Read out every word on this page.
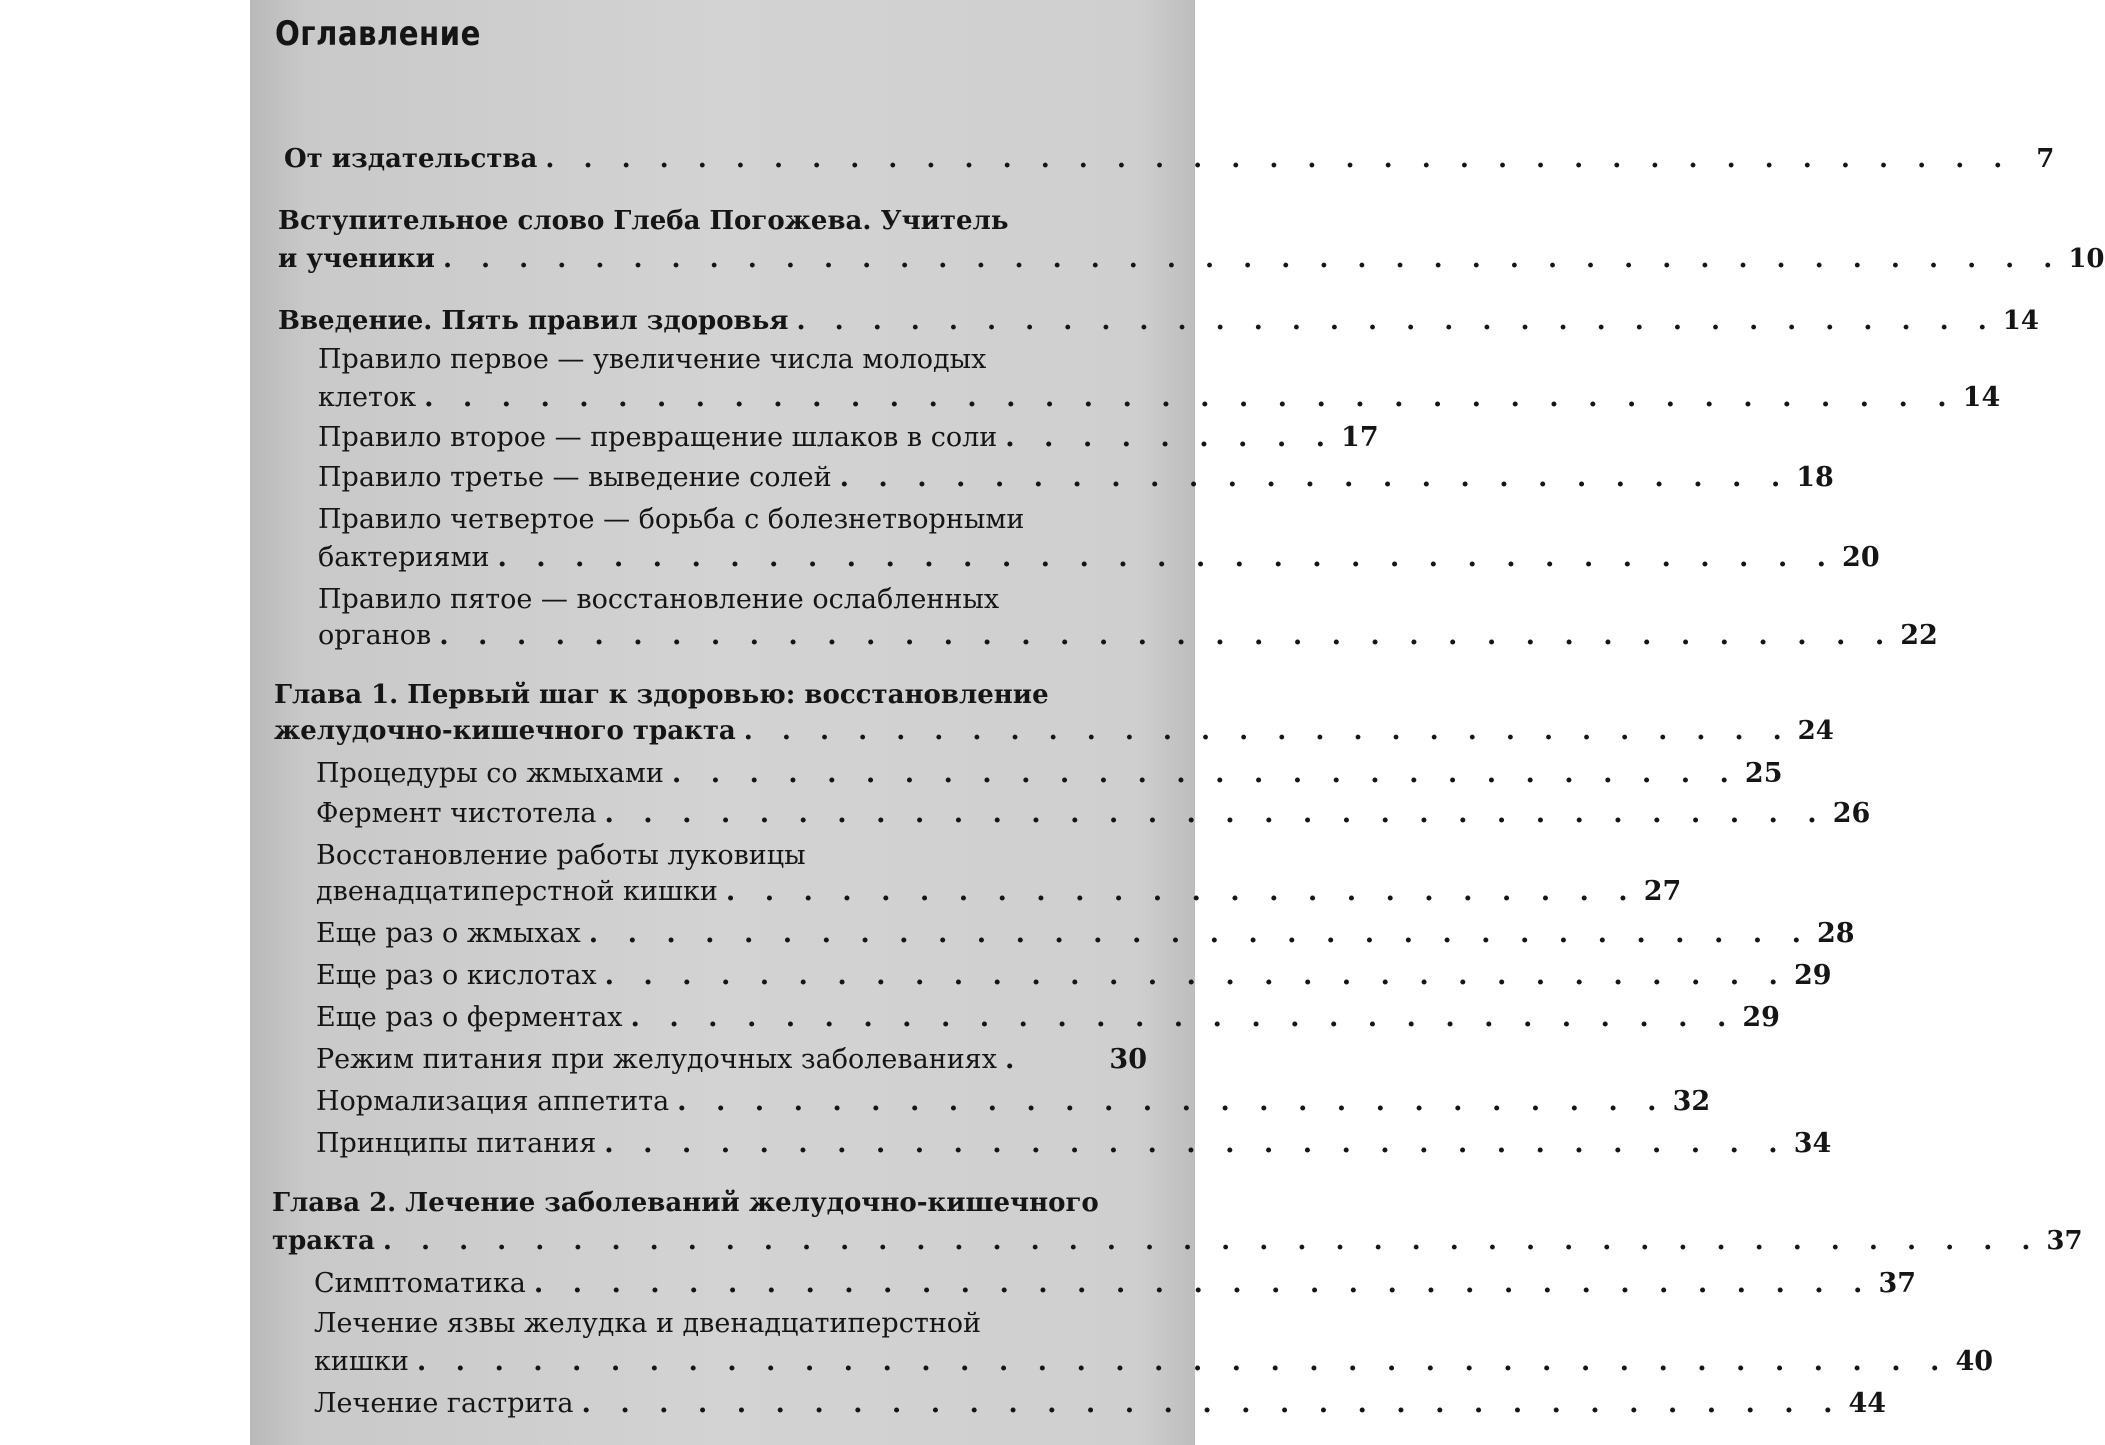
Оглавление
От издательства . . . . . . . . . . . . . . . . . . . . . . . . . . . . . . . . . . . . . . . 7
Вступительное слово Глеба Погожева. Учитель
и ученики . . . . . . . . . . . . . . . . . . . . . . . . . . . . . . . . . . . . . . . . . . . 10
Введение. Пять правил здоровья . . . . . . . . . . . . . . . . . . . . . . . . . . . . . . . . 14
Правило первое — увеличение числа молодых
клеток . . . . . . . . . . . . . . . . . . . . . . . . . . . . . . . . . . . . . . . . 14
Правило второе — превращение шлаков в соли . . . . . . . . . 17
Правило третье — выведение солей . . . . . . . . . . . . . . . . . . . . . . . . . 18
Правило четвертое — борьба с болезнетворными
бактериями . . . . . . . . . . . . . . . . . . . . . . . . . . . . . . . . . . . 20
Правило пятое — восстановление ослабленных
органов . . . . . . . . . . . . . . . . . . . . . . . . . . . . . . . . . . . . . . 22
Глава 1. Первый шаг к здоровью: восстановление
желудочно-кишечного тракта . . . . . . . . . . . . . . . . . . . . . . . . . . . . 24
Процедуры со жмыхами . . . . . . . . . . . . . . . . . . . . . . . . . . . . 25
Фермент чистотела . . . . . . . . . . . . . . . . . . . . . . . . . . . . . . . . 26
Восстановление работы луковицы
двенадцатиперстной кишки . . . . . . . . . . . . . . . . . . . . . . . . 27
Еще раз о жмыхах . . . . . . . . . . . . . . . . . . . . . . . . . . . . . . . . 28
Еще раз о кислотах . . . . . . . . . . . . . . . . . . . . . . . . . . . . . . . 29
Еще раз о ферментах . . . . . . . . . . . . . . . . . . . . . . . . . . . . . 29
Режим питания при желудочных заболеваниях .	30
Нормализация аппетита . . . . . . . . . . . . . . . . . . . . . . . . . . 32
Принципы питания . . . . . . . . . . . . . . . . . . . . . . . . . . . . . . . 34
Глава 2. Лечение заболеваний желудочно-кишечного
тракта . . . . . . . . . . . . . . . . . . . . . . . . . . . . . . . . . . . . . . . . . . . . 37
Симптоматика . . . . . . . . . . . . . . . . . . . . . . . . . . . . . . . . . . . 37
Лечение язвы желудка и двенадцатиперстной
кишки . . . . . . . . . . . . . . . . . . . . . . . . . . . . . . . . . . . . . . . . 40
Лечение гастрита . . . . . . . . . . . . . . . . . . . . . . . . . . . . . . . . . 44
